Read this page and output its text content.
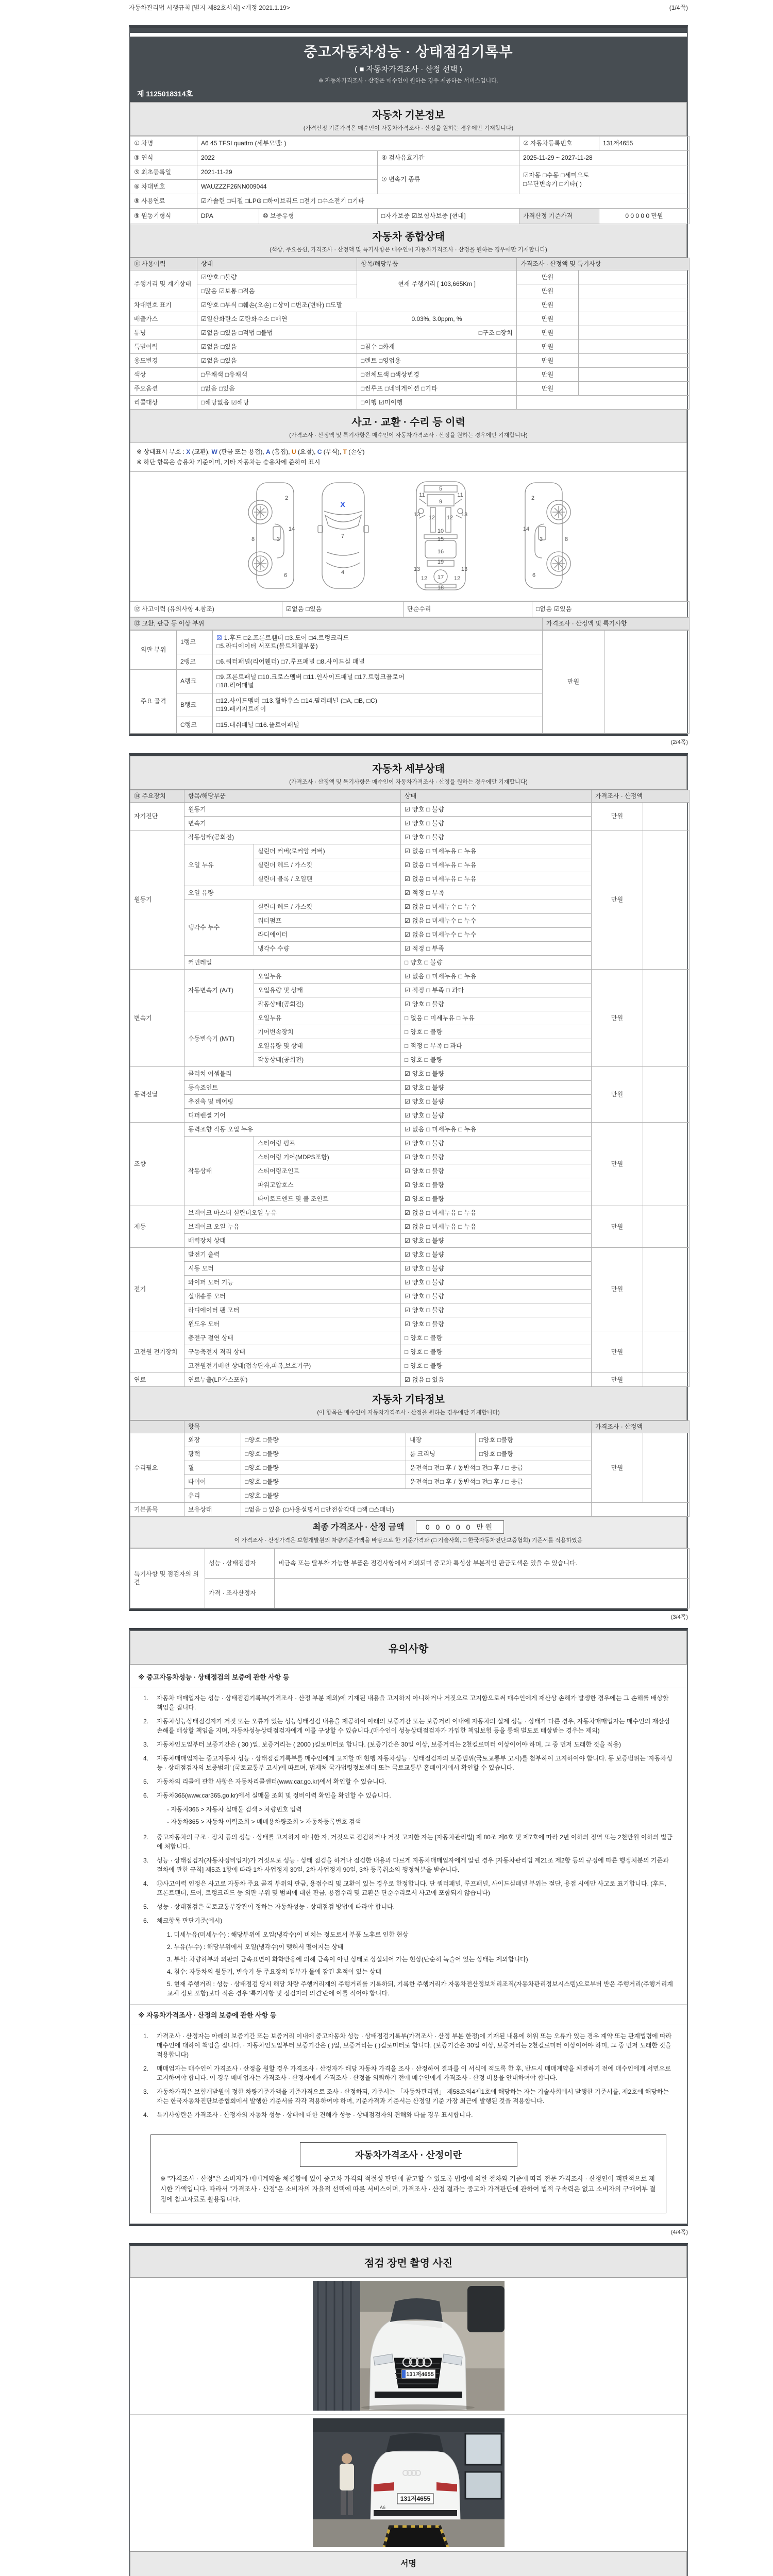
자동차관리법 시행규칙 [별지 제82호서식] <개정 2021.1.19>	(1/4쪽)
중고자동차성능 · 상태점검기록부
( ■ 자동차가격조사 · 산정 선택 )
※ 자동차가격조사 · 산정은 매수인이 원하는 경우 제공하는 서비스입니다.
제 1125018314호
자동차 기본정보
(가격산정 기준가격은 매수인이 자동차가격조사 · 산정을 원하는 경우에만 기재합니다)
① 차명	A6 45 TFSI quattro (세부모델: )			② 자동차등록번호	131저4655
③ 연식	2022		④ 검사유효기간	2025-11-29 ~ 2027-11-28	
⑤ 최초등록일	2021-11-29		⑦ 변속기 종류	☑자동 □수동 □세미오토
□무단변속기 □기타( )	

⑥ 차대번호	WAUZZZF26NN009044				
⑧ 사용연료	☑가솔린 □디젤 □LPG □하이브리드 □전기 □수소전기 □기타				
⑨ 원동기형식	DPA	⑩ 보증유형	□자가보증 ☑보험사보증 [현대]	가격산정 기준가격	0 0 0 0 0 만원
자동차 종합상태
(색상, 주요옵션, 가격조사 · 산정액 및 특기사항은 매수인이 자동차가격조사 · 산정을 원하는 경우에만 기재합니다)
⑪ 사용이력	상태	항목/해당부품	가격조사 · 산정액 및 특기사항	
주행거리 및 계기상태	☑양호 □불량	현재 주행거리 [ 103,665Km ]	만원	
	□많음 ☑보통 □적음		만원	
차대번호 표기	☑양호 □부식 □훼손(오손) □상이 □변조(변타) □도말		만원	
배출가스	☑일산화탄소 ☑탄화수소 □매연	0.03%, 3.0ppm, %	만원	
튜닝	☑없음 □있음 □적법 □불법	□구조 □장치	만원	
특별이력	☑없음 □있음	□침수 □화재	만원	
용도변경	☑없음 □있음	□렌트 □영업용	만원	
색상	□무채색 □유채색	□전체도색 □색상변경	만원	
주요옵션	□없음 □있음	□썬루프 □네비게이션 □기타	만원	
리콜대상	□해당없음 ☑해당	□이행 ☑미이행		
사고 · 교환 · 수리 등 이력
(가격조사 · 산정액 및 특기사항은 매수인이 자동차가격조사 · 산정을 원하는 경우에만 기재합니다)
※ 상태표시 부호 : X (교환), W (판금 또는 용접), A (흠집), U (요철), C (부식), T (손상)
※ 하단 항목은 승용차 기준이며, 기타 자동차는 승용차에 준하여 표시
2
14
3
8
6
7
4
11	11
5
9
13	13
12 12
10
15
16
19
13	13
12	12
17
18
2
14
3	8
6
X
⑫ 사고이력 (유의사항 4.참조)	☑없음 □있음	단순수리	□없음 ☑있음
⑬ 교환, 판금 등 이상 부위	가격조사 · 산정액 및 특기사항
외판 부위	1랭크	☒ 1.후드 □2.프론트휀더 □3.도어 □4.트렁크리드
□5.라디에이터 서포트(볼트체결부품)	만원	
	2랭크	□6.쿼터패널(리어휀더) □7.루프패널 □8.사이드실 패널		
주요 골격	A랭크	□9.프론트패널 □10.크로스멤버 □11.인사이드패널 □17.트렁크플로어
□18.리어패널		

	B랭크	□12.사이드멤버 □13.휠하우스 □14.필러패널 (□A, □B, □C)
□19.패키지트레이		

	C랭크	□15.대쉬패널 □16.플로어패널		
(2/4쪽)
자동차 세부상태
(가격조사 · 산정액 및 특기사항은 매수인이 자동차가격조사 · 산정을 원하는 경우에만 기재합니다)
⑭ 주요장치	항목/해당부품		상태	가격조사 · 산정액	
자기진단	원동기		☑ 양호 □ 불량	만원	
	변속기		☑ 양호 □ 불량		
원동기	작동상태(공회전)		☑ 양호 □ 불량	만원	
	오일 누유	실린더 커버(로커암 커버)	☑ 없음 □ 미세누유 □ 누유		
		실린더 헤드 / 가스킷	☑ 없음 □ 미세누유 □ 누유		
		실린더 블록 / 오일팬	☑ 없음 □ 미세누유 □ 누유		
	오일 유량		☑ 적정 □ 부족		
	냉각수 누수	실린더 헤드 / 가스킷	☑ 없음 □ 미세누수 □ 누수		
		워터펌프	☑ 없음 □ 미세누수 □ 누수		
		라디에이터	☑ 없음 □ 미세누수 □ 누수		
		냉각수 수량	☑ 적정 □ 부족		
	커먼레일		□ 양호 □ 불량		
변속기	자동변속기 (A/T)	오일누유	☑ 없음 □ 미세누유 □ 누유	만원	
		오일유량 및 상태	☑ 적정 □ 부족 □ 과다		
		작동상태(공회전)	☑ 양호 □ 불량		
	수동변속기 (M/T)	오일누유	□ 없음 □ 미세누유 □ 누유		
		기어변속장치	□ 양호 □ 불량		
		오일유량 및 상태	□ 적정 □ 부족 □ 과다		
		작동상태(공회전)	□ 양호 □ 불량		
동력전달	클러치 어셈블리		☑ 양호 □ 불량	만원	
	등속죠인트		☑ 양호 □ 불량		
	추진축 및 베어링		☑ 양호 □ 불량		
	디퍼렌셜 기어		☑ 양호 □ 불량		
조향	동력조향 작동 오일 누유		☑ 없음 □ 미세누유 □ 누유	만원	
	작동상태	스티어링 펌프	☑ 양호 □ 불량		
		스티어링 기어(MDPS포함)	☑ 양호 □ 불량		
		스티어링조인트	☑ 양호 □ 불량		
		파워고압호스	☑ 양호 □ 불량		
		타이로드엔드 및 볼 조인트	☑ 양호 □ 불량		
제동	브레이크 마스터 실린더오일 누유		☑ 없음 □ 미세누유 □ 누유	만원	
	브레이크 오일 누유		☑ 없음 □ 미세누유 □ 누유		
	배력장치 상태		☑ 양호 □ 불량		
전기	발전기 출력		☑ 양호 □ 불량	만원	
	시동 모터		☑ 양호 □ 불량		
	와이퍼 모터 기능		☑ 양호 □ 불량		
	실내송풍 모터		☑ 양호 □ 불량		
	라디에이터 팬 모터		☑ 양호 □ 불량		
	윈도우 모터		☑ 양호 □ 불량		
고전원 전기장치	충전구 절연 상태		□ 양호 □ 불량	만원	
	구동축전지 격리 상태		□ 양호 □ 불량		
	고전원전기배선 상태(접속단자,피복,보호기구)		□ 양호 □ 불량		
연료	연료누출(LP가스포함)		☑ 없음 □ 있음	만원	
자동차 기타정보
(이 항목은 매수인이 자동차가격조사 · 산정을 원하는 경우에만 기재합니다)
	항목				가격조사 · 산정액	
수리필요	외장	□양호 □불량	내장	□양호 □불량	만원	
	광택	□양호 □불량	룸 크리닝	□양호 □불량		
	휠	□양호 □불량	운전석□ 전□ 후 / 동반석□ 전□ 후 / □ 응급			
	타이어	□양호 □불량	운전석□ 전□ 후 / 동반석□ 전□ 후 / □ 응급			
	유리	□양호 □불량				
기본품목	보유상태	□없음 □ 있음 (□사용설명서 □안전삼각대 □잭 □스패너)				
최종 가격조사 · 산정 금액	0 0 0 0 0 만원
이 가격조사 · 산정가격은 보험개발원의 차량기준가액을 바탕으로 한 기준가격과 (□ 기술사회, □ 한국자동차진단보증협회) 기준서를 적용하였음
특기사항 및 점검자의 의견	성능 · 상태점검자	비금속 또는 탈부착 가능한 부품은 점검사항에서 제외되며 중고차 특성상 부분적인 판금도색은 있을 수 있습니다.
	가격 · 조사산정자	
(3/4쪽)
유의사항
※ 중고자동차성능 · 상태점검의 보증에 관한 사항 등
1.	자동차 매매업자는 성능 · 상태점검기록부(가격조사 · 산정 부분 제외)에 기재된 내용을 고지하지 아니하거나 거짓으로 고지함으로써 매수인에게 재산상 손해가 발생한 경우에는 그 손해를 배상할 책임을 집니다.
2.	자동차성능상태점검자가 거짓 또는 오류가 있는 성능상태점검 내용을 제공하여 아래의 보증기간 또는 보증거리 이내에 자동차의 실제 성능 · 상태가 다른 경우, 자동차매매업자는 매수인의 재산상 손해를 배상할 책임을 지며, 자동차성능상태점검자에게 이를 구상할 수 있습니다.(매수인이 성능상태점검자가 가입한 책임보험 등을 통해 별도로 배상받는 경우는 제외)
3.	자동차인도일부터 보증기간은 ( 30 )일, 보증거리는 ( 2000 )킬로미터로 합니다. (보증기간은 30일 이상, 보증거리는 2천킬로미터 이상이어야 하며, 그 중 먼저 도래한 것을 적용)
4.	자동차매매업자는 중고자동차 성능 · 상태점검기록부를 매수인에게 고지할 때 현행 자동차성능 · 상태점검자의 보증범위(국토교통부 고시)를 첨부하여 고지하여야 합니다. 동 보증범위는 '자동차성능 · 상태점검자의 보증범위' (국토교통부 고시)에 따르며, 법제처 국가법령정보센터 또는 국토교통부 홈페이지에서 확인할 수 있습니다.
5.	자동차의 리콜에 관한 사항은 자동차리콜센터(www.car.go.kr)에서 확인할 수 있습니다.
6.	자동차365(www.car365.go.kr)에서 실매물 조회 및 정비이력 확인을 확인할 수 있습니다.
- 자동차365 > 자동차 실매물 검색 > 차량번호 입력
- 자동차365 > 자동차 이력조회 > 매매용차량조회 > 자동차등록번호 검색
2.	중고자동차의 구조 · 장치 등의 성능 · 상태를 고지하지 아니한 자, 거짓으로 점검하거나 거짓 고지한 자는 [자동차관리법] 제 80조 제6호 및 제7호에 따라 2년 이하의 징역 또는 2천만원 이하의 벌금에 처합니다.
3.	성능 · 상태점검자(자동차정비업자)가 거짓으로 성능 · 상태 점검을 하거나 점검한 내용과 다르게 자동차매매업자에게 알린 경우 [자동차관리법 제21조 제2항 등의 규정에 따른 행정처분의 기준과 절차에 관한 규칙] 제5조 1항에 따라 1차 사업정지 30일, 2차 사업정지 90일, 3차 등록취소의 행정처분을 받습니다.
4.	⑫사고이력 인정은 사고로 자동차 주요 골격 부위의 판금, 용접수리 및 교환이 있는 경우로 한정합니다. 단 쿼터패널, 루프패널, 사이드실패널 부위는 절단, 용접 시에만 사고로 표기합니다. (후드, 프론트펜더, 도어, 트렁크리드 등 외판 부위 및 범퍼에 대한 판금, 용접수리 및 교환은 단순수리로서 사고에 포함되지 않습니다)
5.	성능 · 상태점검은 국토교통부장관이 정하는 자동차성능 · 상태점검 방법에 따라야 합니다.
6.	체크항목 판단기준(예시)
1. 미세누유(미세누수) : 해당부위에 오일(냉각수)이 비치는 정도로서 부품 노후로 인한 현상
2. 누유(누수) : 해당부위에서 오일(냉각수)이 맺혀서 떨어지는 상태
3. 부식: 차량하부와 외판의 금속표면이 화학반응에 의해 금속이 아닌 상태로 상실되어 가는 현상(단순히 녹슬어 있는 상태는 제외합니다)
4. 침수: 자동차의 원동기, 변속기 등 주요장치 일부가 물에 잠긴 흔적이 있는 상태
5. 현재 주행거리 : 성능 · 상태점검 당시 해당 차량 주행거리계의 주행거리를 기록하되, 기록한 주행거리가 자동차전산정보처리조직(자동차관리정보시스템)으로부터 받은 주행거리(주행거리계 교체 정보 포함)보다 적은 경우 '특기사항 및 점검자의 의견'란에 이를 적어야 합니다.
※ 자동차가격조사 · 산정의 보증에 관한 사항 등
1.	가격조사 · 산정자는 아래의 보증기간 또는 보증거리 이내에 중고자동차 성능 · 상태점검기록부(가격조사 · 산정 부분 한정)에 기재된 내용에 허위 또는 오류가 있는 경우 계약 또는 관계법령에 따라 매수인에 대하여 책임을 집니다. · 자동차인도일부터 보증기간은 ( )일, 보증거리는 ( )킬로미터로 합니다. (보증기간은 30일 이상, 보증거리는 2천킬로미터 이상이어야 하며, 그 중 먼저 도래한 것을 적용합니다)
2.	매매업자는 매수인이 가격조사 · 산정을 원할 경우 가격조사 · 산정자가 해당 자동차 가격을 조사 · 산정하여 결과를 이 서식에 적도록 한 후, 반드시 매매계약을 체결하기 전에 매수인에게 서면으로 고지하여야 합니다. 이 경우 매매업자는 가격조사 · 산정자에게 가격조사 · 산정을 의뢰하기 전에 매수인에게 가격조사 · 산정 비용을 안내하여야 합니다.
3.	자동차가격은 보험개발원이 정한 차량기준가액을 기준가격으로 조사 · 산정하되, 기준서는 「자동차관리법」 제58조의4제1호에 해당하는 자는 기술사회에서 발행한 기준서를, 제2호에 해당하는 자는 한국자동차진단보증협회에서 발행한 기준서를 각각 적용하여야 하며, 기준가격과 기준서는 산정일 기준 가장 최근에 발행된 것을 적용합니다.
4.	특기사항란은 가격조사 · 산정자의 자동차 성능 · 상태에 대한 견해가 성능 · 상태점검자의 견해와 다를 경우 표시합니다.
자동차가격조사 · 산정이란
※ "가격조사 · 산정"은 소비자가 매매계약을 체결함에 있어 중고차 가격의 적절성 판단에 참고할 수 있도록 법령에 의한 절차와 기준에 따라 전문 가격조사 · 산정인이 객관적으로 제시한 가액입니다. 따라서 "가격조사 · 산정"은 소비자의 자율적 선택에 따른 서비스이며, 가격조사 · 산정 결과는 중고차 가격판단에 관하여 법적 구속력은 없고 소비자의 구매여부 결정에 참고자료로 활용됩니다.
(4/4쪽)
점검 장면 촬영 사진
131저4655
131저4655
A6
서명
